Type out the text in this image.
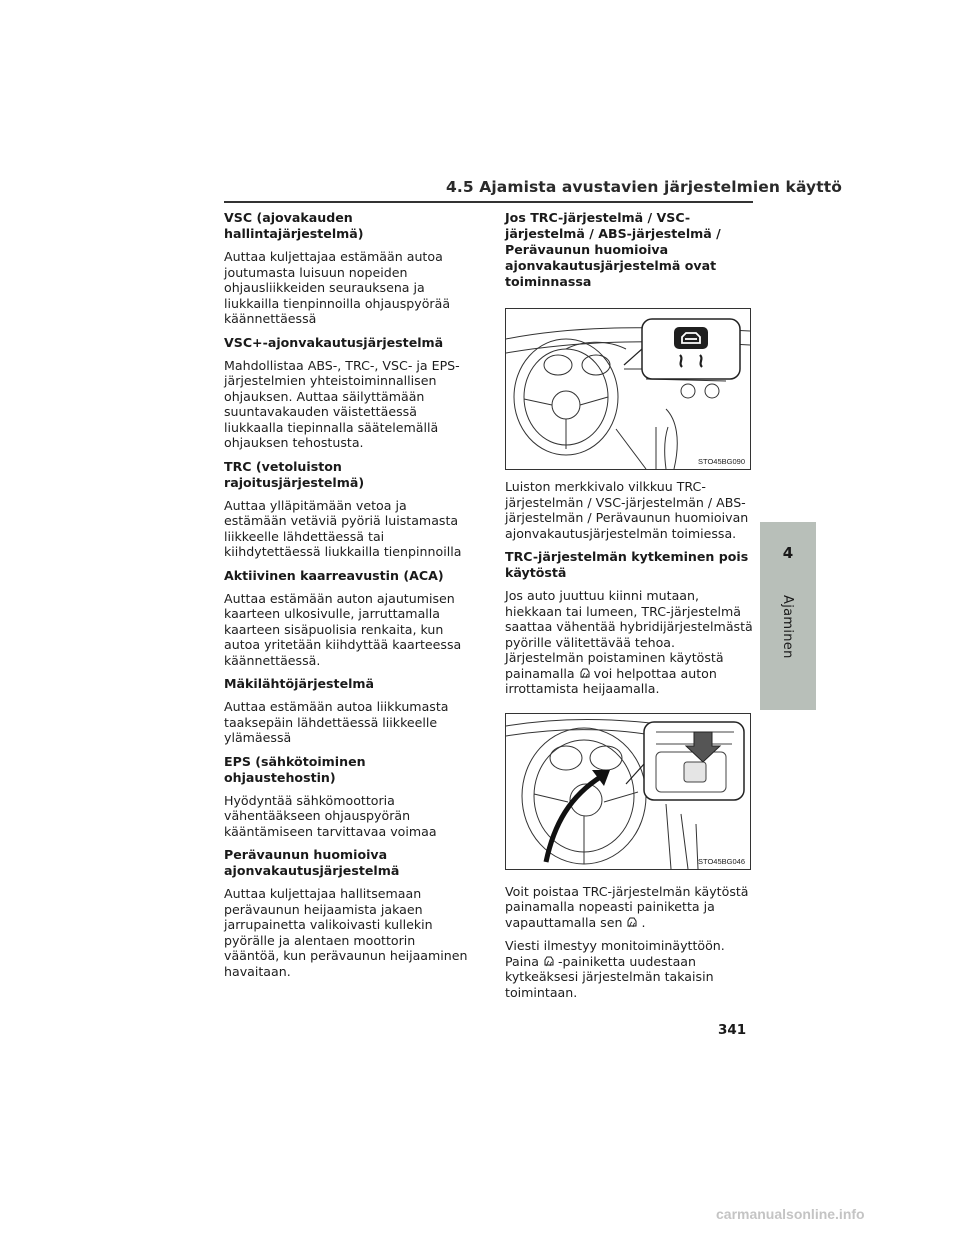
4.5 Ajamista avustavien järjestelmien käyttö
VSC (ajovakauden hallintajärjestelmä)

Auttaa kuljettajaa estämään autoa joutumasta luisuun nopeiden ohjausliikkeiden seurauksena ja liukkailla tienpinnoilla ohjauspyörää käännettäessä

VSC+-ajonvakautusjärjestelmä

Mahdollistaa ABS-, TRC-, VSC- ja EPS-järjestelmien yhteistoiminnallisen ohjauksen. Auttaa säilyttämään suuntavakauden väistettäessä liukkaalla tiepinnalla säätelemällä ohjauksen tehostusta.

TRC (vetoluiston rajoitusjärjestelmä)

Auttaa ylläpitämään vetoa ja estämään vetäviä pyöriä luistamasta liikkeelle lähdettäessä tai kiihdytettäessä liukkailla tienpinnoilla

Aktiivinen kaarreavustin (ACA)

Auttaa estämään auton ajautumisen kaarteen ulkosivulle, jarruttamalla kaarteen sisäpuolisia renkaita, kun autoa yritetään kiihdyttää kaarteessa käännettäessä.

Mäkilähtöjärjestelmä

Auttaa estämään autoa liikkumasta taaksepäin lähdettäessä liikkeelle ylämäessä

EPS (sähkötoiminen ohjaustehostin)

Hyödyntää sähkömoottoria vähentääkseen ohjauspyörän kääntämiseen tarvittavaa voimaa

Perävaunun huomioiva ajonvakautusjärjestelmä

Auttaa kuljettajaa hallitsemaan perävaunun heijaamista jakaen jarrupainetta valikoivasti kullekin pyörälle ja alentaen moottorin vääntöä, kun perävaunun heijaaminen havaitaan.

Jos TRC-järjestelmä / VSC-järjestelmä / ABS-järjestelmä / Perävaunun huomioiva ajonvakautusjärjestelmä ovat toiminnassa
STO45BG090

Luiston merkkivalo vilkkuu TRC-järjestelmän / VSC-järjestelmän / ABS-järjestelmän / Perävaunun huomioivan ajonvakautusjärjestelmän toimiessa.

TRC-järjestelmän kytkeminen pois käytöstä

Jos auto juuttuu kiinni mutaan, hiekkaan tai lumeen, TRC-järjestelmä saattaa vähentää hybridijärjestelmästä pyörille välitettävää tehoa. Järjestelmän poistaminen käytöstä painamalla voi helpottaa auton irrottamista heijaamalla.

STO45BG046

Voit poistaa TRC-järjestelmän käytöstä painamalla nopeasti painiketta ja vapauttamalla sen .

Viesti ilmestyy monitoiminäyttöön. Paina -painiketta uudestaan kytkeäksesi järjestelmän takaisin toimintaan.

4
Ajaminen
341
carmanualsonline.info
